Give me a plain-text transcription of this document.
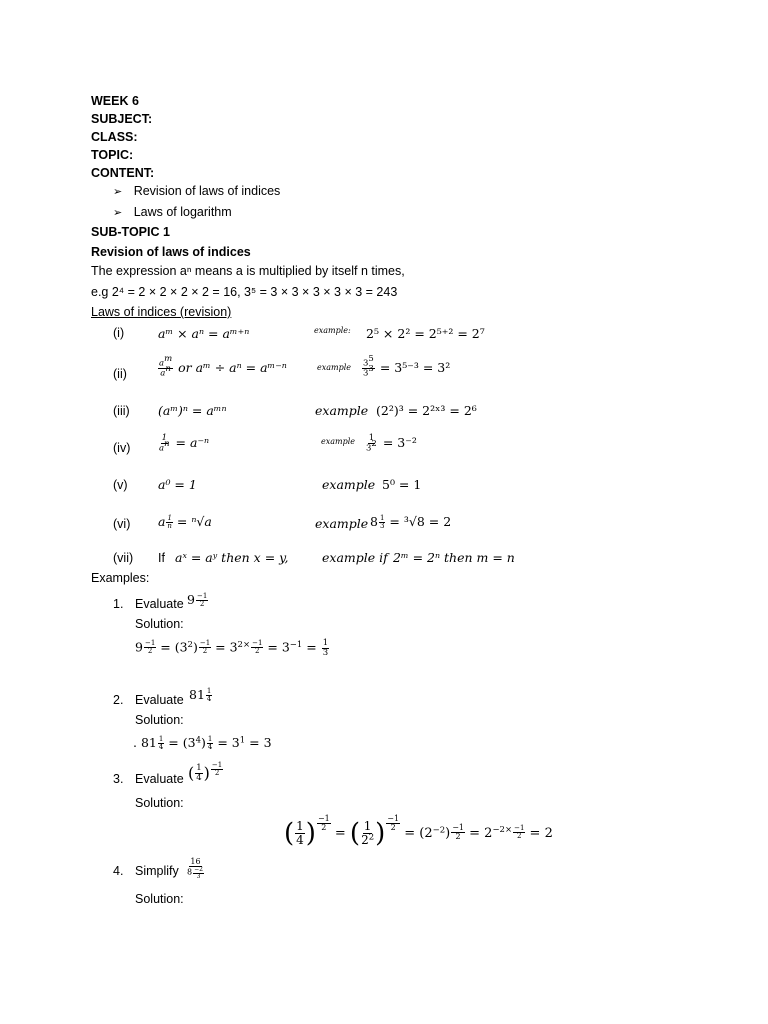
WEEK 6
SUBJECT:
CLASS:
TOPIC:
CONTENT:
➢ Revision of laws of indices
➢ Laws of logarithm
SUB-TOPIC 1
Revision of laws of indices
The expression aⁿ means a is multiplied by itself n times,
e.g 2⁴ = 2 × 2 × 2 × 2 = 16, 3⁵ = 3 × 3 × 3 × 3 × 3 = 243
Laws of indices (revision)
(i)	aᵐ × aⁿ = aᵐ⁺ⁿ	example: 2⁵ × 2² = 2⁵⁺² = 2⁷
(ii)	$\frac{a^m}{a^n}$ or aᵐ ÷ aⁿ = aᵐ⁻ⁿ	example $\frac{3^5}{3^3} = 3^{5-3} = 3^2$
(iii) (aᵐ)ⁿ = aᵐⁿ	example (2²)³ = 2²ˣ³ = 2⁶
(iv)	$\frac{1}{a^n} = a^{-n}$	example $\frac{1}{3^2} = 3^{-2}$
(v) a⁰ = 1	example 5⁰ = 1
(vi) a $\frac{1}{n} = ^n√a$	example $8 \frac{1}{3} = ^3√8 = 2$
(vii) If aˣ = aʸ then x = y,	example if 2ᵐ = 2ⁿ then m = n
Examples:
1. Evaluate $9 \frac{-1}{2}$
Solution:
$9 \frac{-1}{2} = (3^2) \frac{-1}{2} = 3^{2\times \frac{-1}{2}} = 3^{-1} = \frac{1}{3}$
2. Evaluate $81 \frac{1}{4}$
Solution:
. $81 \frac{1}{4} = (3^4) \frac{1}{4} = 3^1 = 3$
3. Evaluate ( $\frac{1}{4}$ ) $\frac{-1}{2}$
Solution:
( $\frac{1}{4}$ ) $\frac{-1}{2}$
= ( $\frac{1}{2^2}$ ) $\frac{-1}{2}$
= $(2^{-2}) \frac{-1}{2} = 2^{-2\times \frac{-1}{2}} = 2$
4. Simplify $\frac{16}{8 \frac{-2}{3}}$
Solution:
